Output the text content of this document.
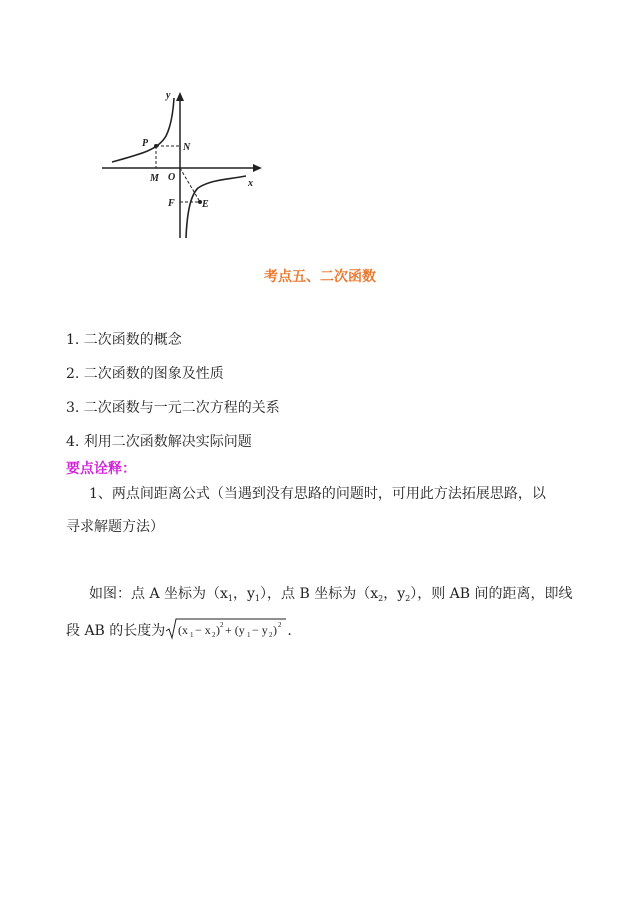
y
x
O
P	N
M
F	E
考点五、二次函数
1. 二次函数的概念
2. 二次函数的图象及性质
3. 二次函数与一元二次方程的关系
4. 利用二次函数解决实际问题
要点诠释：

1、两点间距离公式（当遇到没有思路的问题时，可用此方法拓展思路，以

寻求解题方法）

如图：点 A 坐标为（$x_1$，$y_1$），点 B 坐标为（$x_2$，$y_2$），则 AB 间的距离，即线

段 AB 的长度为 (x 1 − x 2 ) 2 + (y 1 − y 2 ) 2 .
